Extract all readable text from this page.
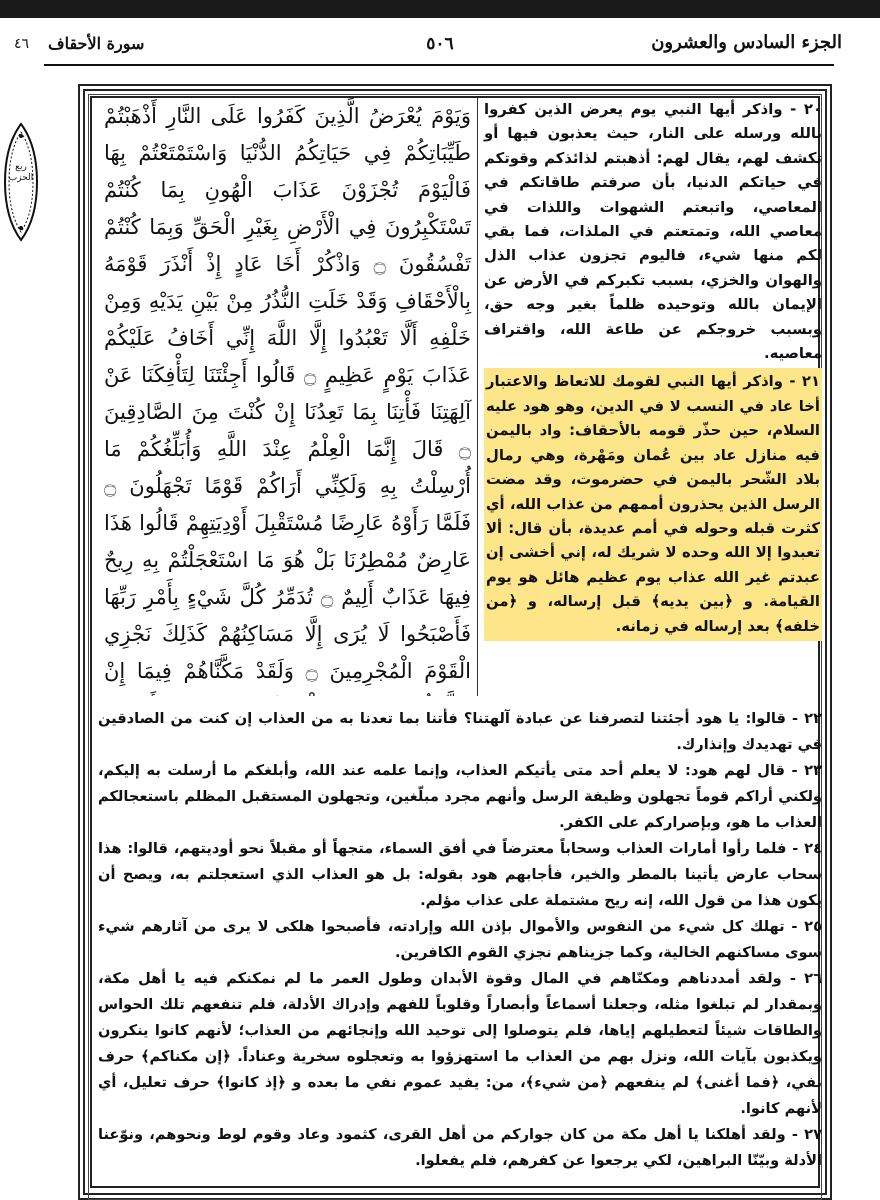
الجزء السادس والعشرون
٥٠٦
سورة الأحقاف
٤٦
ربع الحزب
وَيَوْمَ يُعْرَضُ الَّذِينَ كَفَرُوا عَلَى النَّارِ أَذْهَبْتُمْ طَيِّبَاتِكُمْ فِي حَيَاتِكُمُ الدُّنْيَا وَاسْتَمْتَعْتُمْ بِهَا فَالْيَوْمَ تُجْزَوْنَ عَذَابَ الْهُونِ بِمَا كُنْتُمْ تَسْتَكْبِرُونَ فِي الْأَرْضِ بِغَيْرِ الْحَقِّ وَبِمَا كُنْتُمْ تَفْسُقُونَ ۝ وَاذْكُرْ أَخَا عَادٍ إِذْ أَنْذَرَ قَوْمَهُ بِالْأَحْقَافِ وَقَدْ خَلَتِ النُّذُرُ مِنْ بَيْنِ يَدَيْهِ وَمِنْ خَلْفِهِ أَلَّا تَعْبُدُوا إِلَّا اللَّهَ إِنِّي أَخَافُ عَلَيْكُمْ عَذَابَ يَوْمٍ عَظِيمٍ ۝ قَالُوا أَجِئْتَنَا لِتَأْفِكَنَا عَنْ آلِهَتِنَا فَأْتِنَا بِمَا تَعِدُنَا إِنْ كُنْتَ مِنَ الصَّادِقِينَ ۝ قَالَ إِنَّمَا الْعِلْمُ عِنْدَ اللَّهِ وَأُبَلِّغُكُمْ مَا أُرْسِلْتُ بِهِ وَلَكِنِّي أَرَاكُمْ قَوْمًا تَجْهَلُونَ ۝ فَلَمَّا رَأَوْهُ عَارِضًا مُسْتَقْبِلَ أَوْدِيَتِهِمْ قَالُوا هَذَا عَارِضٌ مُمْطِرُنَا بَلْ هُوَ مَا اسْتَعْجَلْتُمْ بِهِ رِيحٌ فِيهَا عَذَابٌ أَلِيمٌ ۝ تُدَمِّرُ كُلَّ شَيْءٍ بِأَمْرِ رَبِّهَا فَأَصْبَحُوا لَا يُرَى إِلَّا مَسَاكِنُهُمْ كَذَلِكَ نَجْزِي الْقَوْمَ الْمُجْرِمِينَ ۝ وَلَقَدْ مَكَّنَّاهُمْ فِيمَا إِنْ
٢٠ - واذكر أيها النبي يوم يعرض الذين كفروا بالله ورسله على النار، حيث يعذبون فيها أو تكشف لهم، يقال لهم: أذهبتم لذائذكم وقوتكم في حياتكم الدنيا، بأن صرفتم طاقاتكم في المعاصي، واتبعتم الشهوات واللذات في معاصي الله، وتمتعتم في الملذات، فما بقي لكم منها شيء، فاليوم تجزون عذاب الذل والهوان والخزي، بسبب تكبركم في الأرض عن الإيمان بالله وتوحيده ظلماً بغير وجه حق، وبسبب خروجكم عن طاعة الله، واقتراف معاصيه.
٢١ - واذكر أيها النبي لقومك للاتعاظ والاعتبار أخا عاد في النسب لا في الدين، وهو هود عليه السلام، حين حذّر قومه بالأحقاف: واد باليمن فيه منازل عاد بين عُمان ومَهْرة، وهي رمال بلاد الشّحر باليمن في حضرموت، وقد مضت الرسل الذين يحذرون أممهم من عذاب الله، أي كثرت قبله وحوله في أمم عديدة، بأن قال: ألا تعبدوا إلا الله وحده لا شريك له، إني أخشى إن عبدتم غير الله عذاب يوم عظيم هائل هو يوم القيامة. و ﴿بين يديه﴾ قبل إرساله، و ﴿من خلفه﴾ بعد إرساله في زمانه.

٢٢ - قالوا: يا هود أجئتنا لتصرفنا عن عبادة آلهتنا؟ فأتنا بما تعدنا به من العذاب إن كنت من الصادقين في تهديدك وإنذارك.

٢٣ - قال لهم هود: لا يعلم أحد متى يأتيكم العذاب، وإنما علمه عند الله، وأبلغكم ما أرسلت به إليكم، ولكني أراكم قوماً تجهلون وظيفة الرسل وأنهم مجرد مبلّغين، وتجهلون المستقبل المظلم باستعجالكم العذاب ما هو، وبإصراركم على الكفر.

٢٤ - فلما رأوا أمارات العذاب وسحاباً معترضاً في أفق السماء، متجهاً أو مقبلاً نحو أوديتهم، قالوا: هذا سحاب عارض يأتينا بالمطر والخير، فأجابهم هود بقوله: بل هو العذاب الذي استعجلتم به، ويصح أن يكون هذا من قول الله، إنه ريح مشتملة على عذاب مؤلم.

٢٥ - تهلك كل شيء من النفوس والأموال بإذن الله وإرادته، فأصبحوا هلكى لا يرى من آثارهم شيء سوى مساكنهم الخالية، وكما جزيناهم نجزي القوم الكافرين.

٢٦ - ولقد أمددناهم ومكنّاهم في المال وقوة الأبدان وطول العمر ما لم نمكنكم فيه يا أهل مكة، وبمقدار لم تبلغوا مثله، وجعلنا أسماعاً وأبصاراً وقلوباً للفهم وإدراك الأدلة، فلم تنفعهم تلك الحواس والطاقات شيئاً لتعطيلهم إياها، فلم يتوصلوا إلى توحيد الله وإنجائهم من العذاب؛ لأنهم كانوا ينكرون ويكذبون بآيات الله، ونزل بهم من العذاب ما استهزؤوا به وتعجلوه سخرية وعناداً. ﴿إن مكناكم﴾ حرف نفي، ﴿فما أغنى﴾ لم ينفعهم ﴿من شيء﴾، من: يفيد عموم نفي ما بعده و ﴿إذ كانوا﴾ حرف تعليل، أي لأنهم كانوا.

٢٧ - ولقد أهلكنا يا أهل مكة من كان جواركم من أهل القرى، كثمود وعاد وقوم لوط ونحوهم، ونوّعنا الأدلة وبيّنّا البراهين، لكي يرجعوا عن كفرهم، فلم يفعلوا.
